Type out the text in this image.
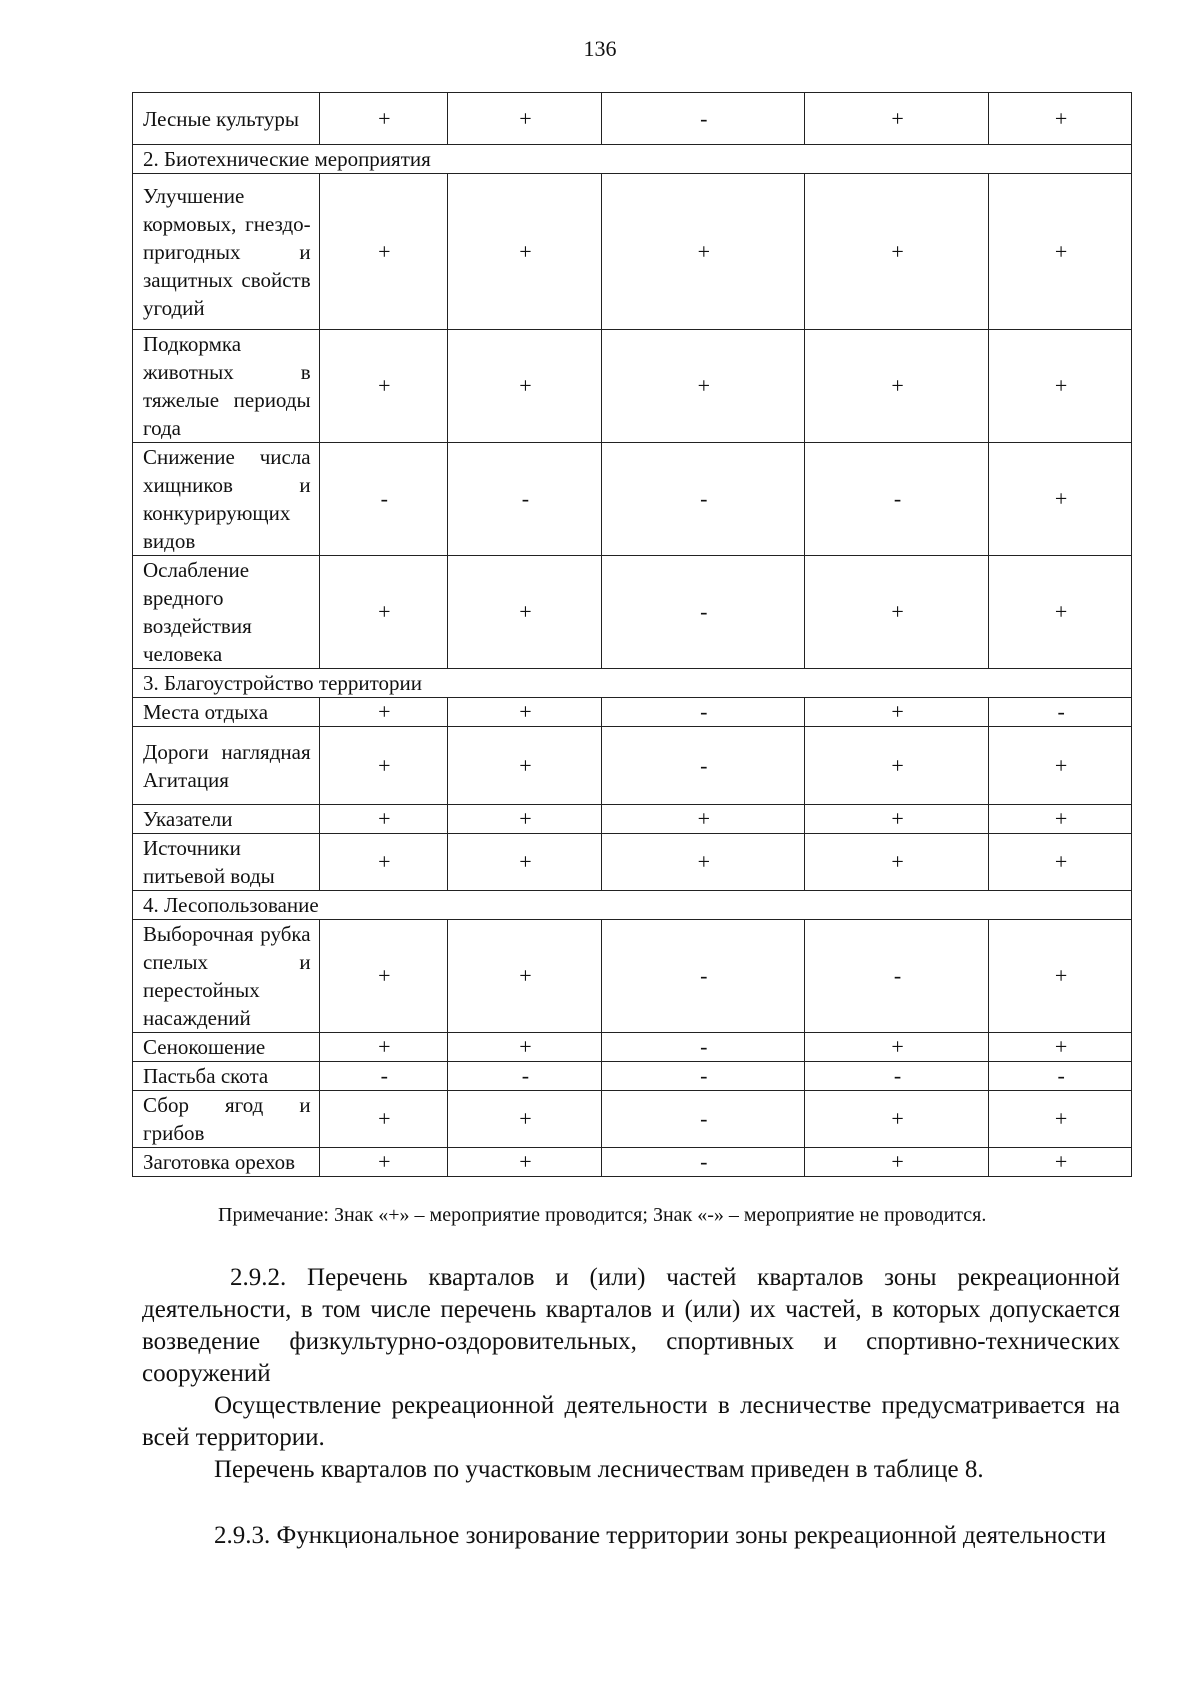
136
Лесные культуры	+	+	-	+	+
2. Биотехнические мероприятия					
Улучшение кормовых, гнездо-пригодных и защитных свойств угодий	+	+	+	+	+
Подкормка животных в тяжелые периоды года	+	+	+	+	+
Снижение числа хищников и конкурирующих видов	-	-	-	-	+
Ослабление вредного воздействия человека	+	+	-	+	+
3. Благоустройство территории					
Места отдыха	+	+	-	+	-
Дороги наглядная Агитация	+	+	-	+	+
Указатели	+	+	+	+	+
Источники питьевой воды	+	+	+	+	+
4. Лесопользование					
Выборочная рубка спелых и перестойных насаждений	+	+	-	-	+
Сенокошение	+	+	-	+	+
Пастьба скота	-	-	-	-	-
Сбор ягод и грибов	+	+	-	+	+
Заготовка орехов	+	+	-	+	+
Примечание: Знак «+» – мероприятие проводится; Знак «-» – мероприятие не проводится.
2.9.2. Перечень кварталов и (или) частей кварталов зоны рекреационной деятельности, в том числе перечень кварталов и (или) их частей, в которых допускается возведение физкультурно-оздоровительных, спортивных и спортивно-технических сооружений
Осуществление рекреационной деятельности в лесничестве предусматривается на всей территории.
Перечень кварталов по участковым лесничествам приведен в таблице 8.
2.9.3. Функциональное зонирование территории зоны рекреационной деятельности
